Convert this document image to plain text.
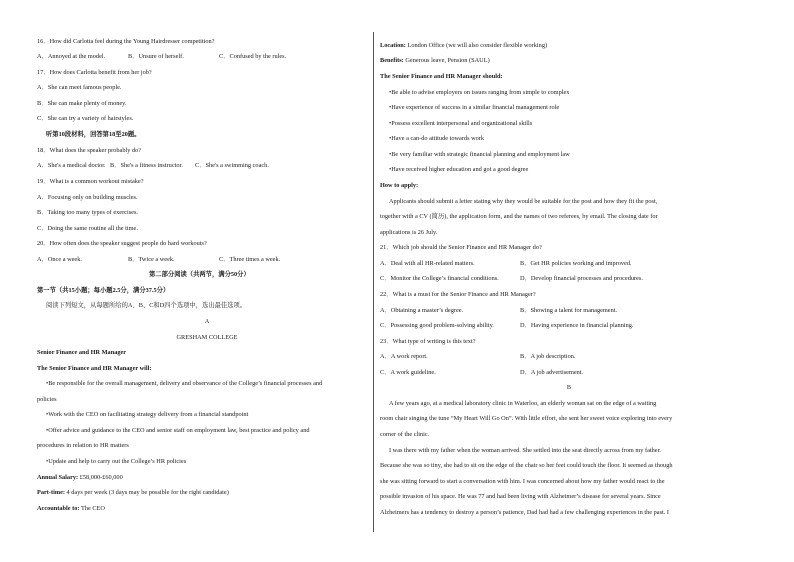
16．How did Carlotta feel during the Young Hairdresser competition?
A．Annoyed at the model.	B．Unsure of herself.	C．Confused by the rules.
17．How does Carlotta benefit from her job?
A．She can meet famous people.
B．She can make plenty of money.
C．She can try a variety of hairstyles.
听第10段材料，回答第18至20题。
18．What does the speaker probably do?
A．She's a medical doctor. B．She's a fitness instructor. C．She's a swimming coach.
19．What is a common workout mistake?
A．Focusing only on building muscles.
B．Taking too many types of exercises.
C．Doing the same routine all the time.
20．How often does the speaker suggest people do hard workouts?
A．Once a week.	B．Twice a week.	C．Three times a week.
第二部分阅读（共两节，满分50分）
第一节（共15小题；每小题2.5分，满分37.5分）
阅读下列短文，从每题所给的A、B、C和D四个选项中，选出最佳选项。
A
GRESHAM COLLEGE
Senior Finance and HR Manager
The Senior Finance and HR Manager will:
•Be responsible for the overall management, delivery and observance of the College’s financial processes and
policies
•Work with the CEO on facilitating strategy delivery from a financial standpoint
•Offer advice and guidance to the CEO and senior staff on employment law, best practice and policy and
procedures in relation to HR matters
•Update and help to carry out the College’s HR policies
Annual Salary: £58,000-£60,000
Part-time: 4 days per week (3 days may be possible for the right candidate)
Accountable to: The CEO
Location: London Office (we will also consider flexible working)
Benefits: Generous leave, Pension (SAUL)
The Senior Finance and HR Manager should:
•Be able to advise employers on issues ranging from simple to complex
•Have experience of success in a similar financial management role
•Possess excellent interpersonal and organizational skills
•Have a can-do attitude towards work
•Be very familiar with strategic financial planning and employment law
•Have received higher education and got a good degree
How to apply:
Applicants should submit a letter stating why they would be suitable for the post and how they fit the post,
together with a CV (简历), the application form, and the names of two referees, by email. The closing date for
applications is 26 July.
21．Which job should the Senior Finance and HR Manager do?
A．Deal with all HR-related matters.	B．Get HR policies working and improved.
C．Monitor the College’s financial conditions.	D．Develop financial processes and procedures.
22．What is a must for the Senior Finance and HR Manager?
A．Obtaining a master’s degree.	B．Showing a talent for management.
C．Possessing good problem-solving ability.	D．Having experience in financial planning.
23．What type of writing is this text?
A．A work report.	B．A job description.
C．A work guideline.	D．A job advertisement.
B
A few years ago, at a medical laboratory clinic in Waterloo, an elderly woman sat on the edge of a waiting
room chair singing the tune “My Heart Will Go On”. With little effort, she sent her sweet voice exploring into every
corner of the clinic.
I was there with my father when the woman arrived. She settled into the seat directly across from my father.
Because she was so tiny, she had to sit on the edge of the chair so her feet could touch the floor. It seemed as though
she was sitting forward to start a conversation with him. I was concerned about how my father would react to the
possible invasion of his space. He was 77 and had been living with Alzheimer’s disease for several years. Since
Alzheimers has a tendency to destroy a person’s patience, Dad had had a few challenging experiences in the past. I
